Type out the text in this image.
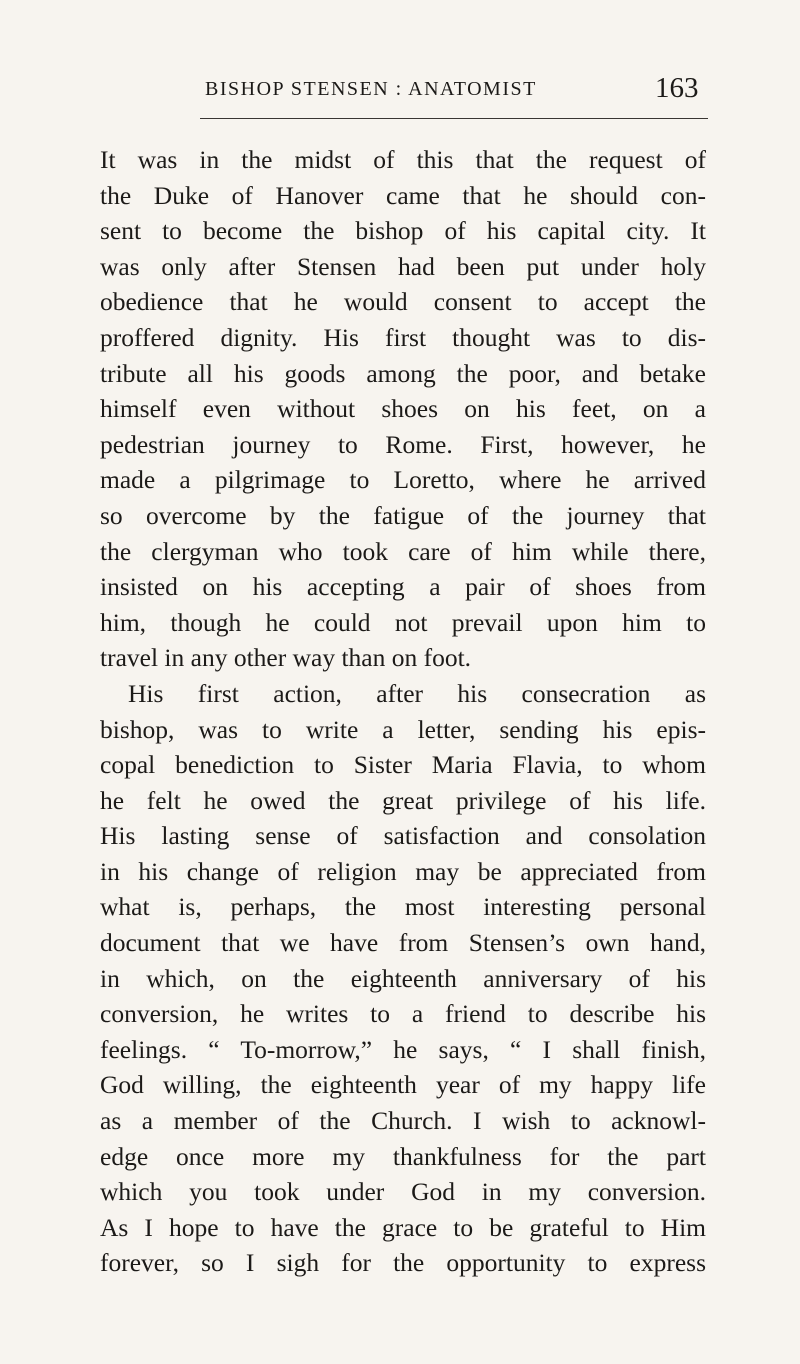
BISHOP STENSEN : ANATOMIST	163
It was in the midst of this that the request of
the Duke of Hanover came that he should con-
sent to become the bishop of his capital city. It
was only after Stensen had been put under holy
obedience that he would consent to accept the
proffered dignity. His first thought was to dis-
tribute all his goods among the poor, and betake
himself even without shoes on his feet, on a
pedestrian journey to Rome. First, however, he
made a pilgrimage to Loretto, where he arrived
so overcome by the fatigue of the journey that
the clergyman who took care of him while there,
insisted on his accepting a pair of shoes from
him, though he could not prevail upon him to
travel in any other way than on foot.
His first action, after his consecration as
bishop, was to write a letter, sending his epis-
copal benediction to Sister Maria Flavia, to whom
he felt he owed the great privilege of his life.
His lasting sense of satisfaction and consolation
in his change of religion may be appreciated from
what is, perhaps, the most interesting personal
document that we have from Stensen’s own hand,
in which, on the eighteenth anniversary of his
conversion, he writes to a friend to describe his
feelings. “ To-morrow,” he says, “ I shall finish,
God willing, the eighteenth year of my happy life
as a member of the Church. I wish to acknowl-
edge once more my thankfulness for the part
which you took under God in my conversion.
As I hope to have the grace to be grateful to Him
forever, so I sigh for the opportunity to express
